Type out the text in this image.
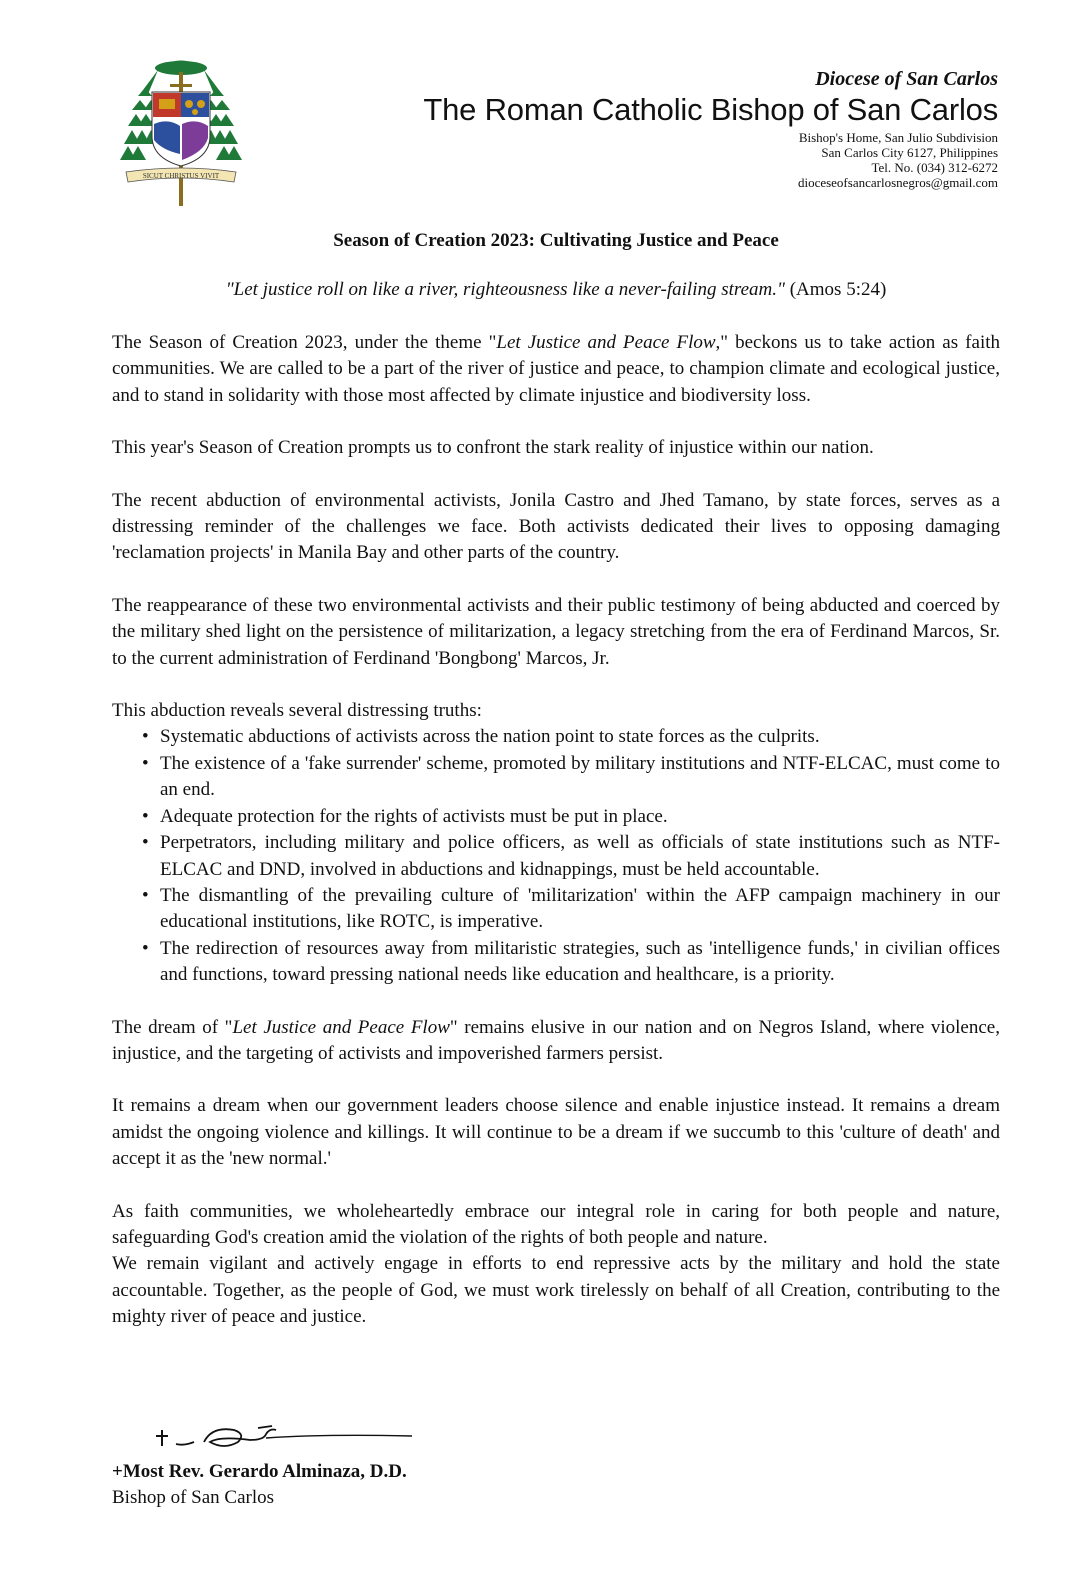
SICUT CHRISTUS VIVIT
Diocese of San Carlos
The Roman Catholic Bishop of San Carlos
Bishop's Home, San Julio Subdivision
San Carlos City 6127, Philippines
Tel. No. (034) 312-6272
dioceseofsancarlosnegros@gmail.com
Season of Creation 2023: Cultivating Justice and Peace
"Let justice roll on like a river, righteousness like a never-failing stream." (Amos 5:24)

The Season of Creation 2023, under the theme "Let Justice and Peace Flow," beckons us to take action as faith communities. We are called to be a part of the river of justice and peace, to champion climate and ecological justice, and to stand in solidarity with those most affected by climate injustice and biodiversity loss.

This year's Season of Creation prompts us to confront the stark reality of injustice within our nation.

The recent abduction of environmental activists, Jonila Castro and Jhed Tamano, by state forces, serves as a distressing reminder of the challenges we face. Both activists dedicated their lives to opposing damaging 'reclamation projects' in Manila Bay and other parts of the country.

The reappearance of these two environmental activists and their public testimony of being abducted and coerced by the military shed light on the persistence of militarization, a legacy stretching from the era of Ferdinand Marcos, Sr. to the current administration of Ferdinand 'Bongbong' Marcos, Jr.

This abduction reveals several distressing truths:

• Systematic abductions of activists across the nation point to state forces as the culprits.
• The existence of a 'fake surrender' scheme, promoted by military institutions and NTF-ELCAC, must come to an end.
• Adequate protection for the rights of activists must be put in place.
• Perpetrators, including military and police officers, as well as officials of state institutions such as NTF-ELCAC and DND, involved in abductions and kidnappings, must be held accountable.
• The dismantling of the prevailing culture of 'militarization' within the AFP campaign machinery in our educational institutions, like ROTC, is imperative.
• The redirection of resources away from militaristic strategies, such as 'intelligence funds,' in civilian offices and functions, toward pressing national needs like education and healthcare, is a priority.

The dream of "Let Justice and Peace Flow" remains elusive in our nation and on Negros Island, where violence, injustice, and the targeting of activists and impoverished farmers persist.

It remains a dream when our government leaders choose silence and enable injustice instead. It remains a dream amidst the ongoing violence and killings. It will continue to be a dream if we succumb to this 'culture of death' and accept it as the 'new normal.'

As faith communities, we wholeheartedly embrace our integral role in caring for both people and nature, safeguarding God's creation amid the violation of the rights of both people and nature.

We remain vigilant and actively engage in efforts to end repressive acts by the military and hold the state accountable. Together, as the people of God, we must work tirelessly on behalf of all Creation, contributing to the mighty river of peace and justice.

+Most Rev. Gerardo Alminaza, D.D.
Bishop of San Carlos
